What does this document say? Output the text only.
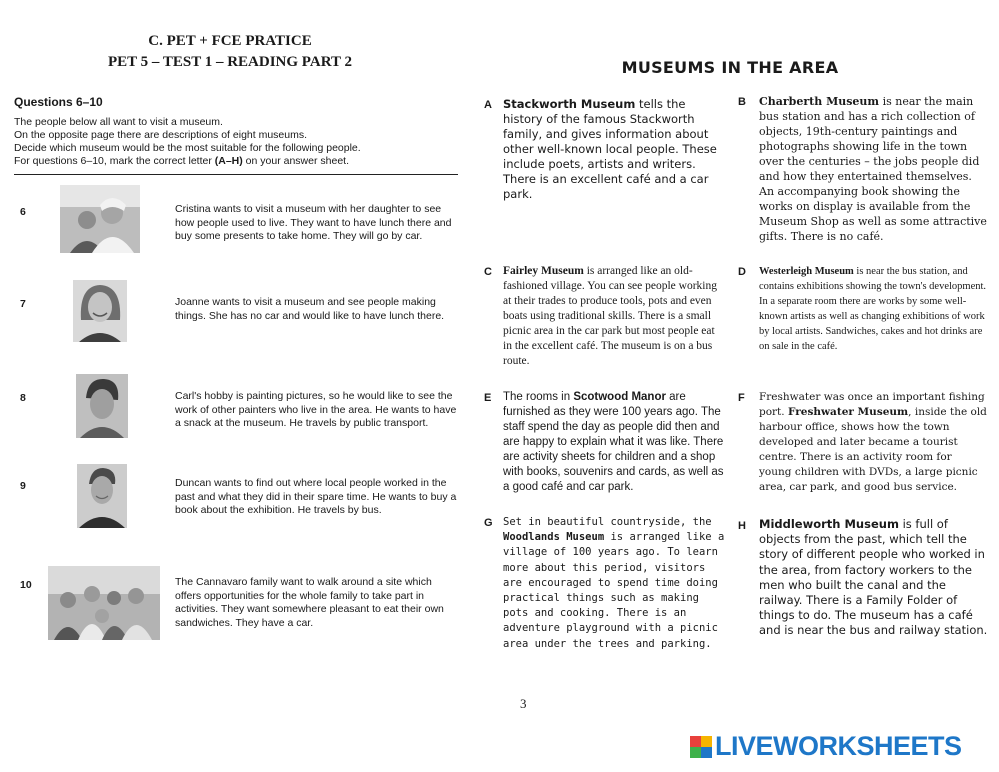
C. PET + FCE PRATICE
PET 5 – TEST 1 – READING PART 2
Questions 6–10
The people below all want to visit a museum.
On the opposite page there are descriptions of eight museums.
Decide which museum would be the most suitable for the following people.
For questions 6–10, mark the correct letter (A–H) on your answer sheet.
6	Cristina wants to visit a museum with her daughter to see how people used to live. They want to have lunch there and buy some presents to take home. They will go by car.
7	Joanne wants to visit a museum and see people making things. She has no car and would like to have lunch there.
8	Carl's hobby is painting pictures, so he would like to see the work of other painters who live in the area. He wants to have a snack at the museum. He travels by public transport.
9	Duncan wants to find out where local people worked in the past and what they did in their spare time. He wants to buy a book about the exhibition. He travels by bus.
10	The Cannavaro family want to walk around a site which offers opportunities for the whole family to take part in activities. They want somewhere pleasant to eat their own sandwiches. They have a car.
MUSEUMS IN THE AREA
A Stackworth Museum tells the history of the famous Stackworth family, and gives information about other well-known local people. These include poets, artists and writers. There is an excellent café and a car park.
B Charberth Museum is near the main bus station and has a rich collection of objects, 19th-century paintings and photographs showing life in the town over the centuries – the jobs people did and how they entertained themselves. An accompanying book showing the works on display is available from the Museum Shop as well as some attractive gifts. There is no café.
C Fairley Museum is arranged like an old-fashioned village. You can see people working at their trades to produce tools, pots and even boats using traditional skills. There is a small picnic area in the car park but most people eat in the excellent café. The museum is on a bus route.
D Westerleigh Museum is near the bus station, and contains exhibitions showing the town's development. In a separate room there are works by some well-known artists as well as changing exhibitions of work by local artists. Sandwiches, cakes and hot drinks are on sale in the café.
E The rooms in Scotwood Manor are furnished as they were 100 years ago. The staff spend the day as people did then and are happy to explain what it was like. There are activity sheets for children and a shop with books, souvenirs and cards, as well as a good café and car park.
F Freshwater was once an important fishing port. Freshwater Museum, inside the old harbour office, shows how the town developed and later became a tourist centre. There is an activity room for young children with DVDs, a large picnic area, car park, and good bus service.
G Set in beautiful countryside, the Woodlands Museum is arranged like a village of 100 years ago. To learn more about this period, visitors are encouraged to spend time doing practical things such as making pots and cooking. There is an adventure playground with a picnic area under the trees and parking.
H Middleworth Museum is full of objects from the past, which tell the story of different people who worked in the area, from factory workers to the men who built the canal and the railway. There is a Family Folder of things to do. The museum has a café and is near the bus and railway station.
3
LIVEWORKSHEETS
